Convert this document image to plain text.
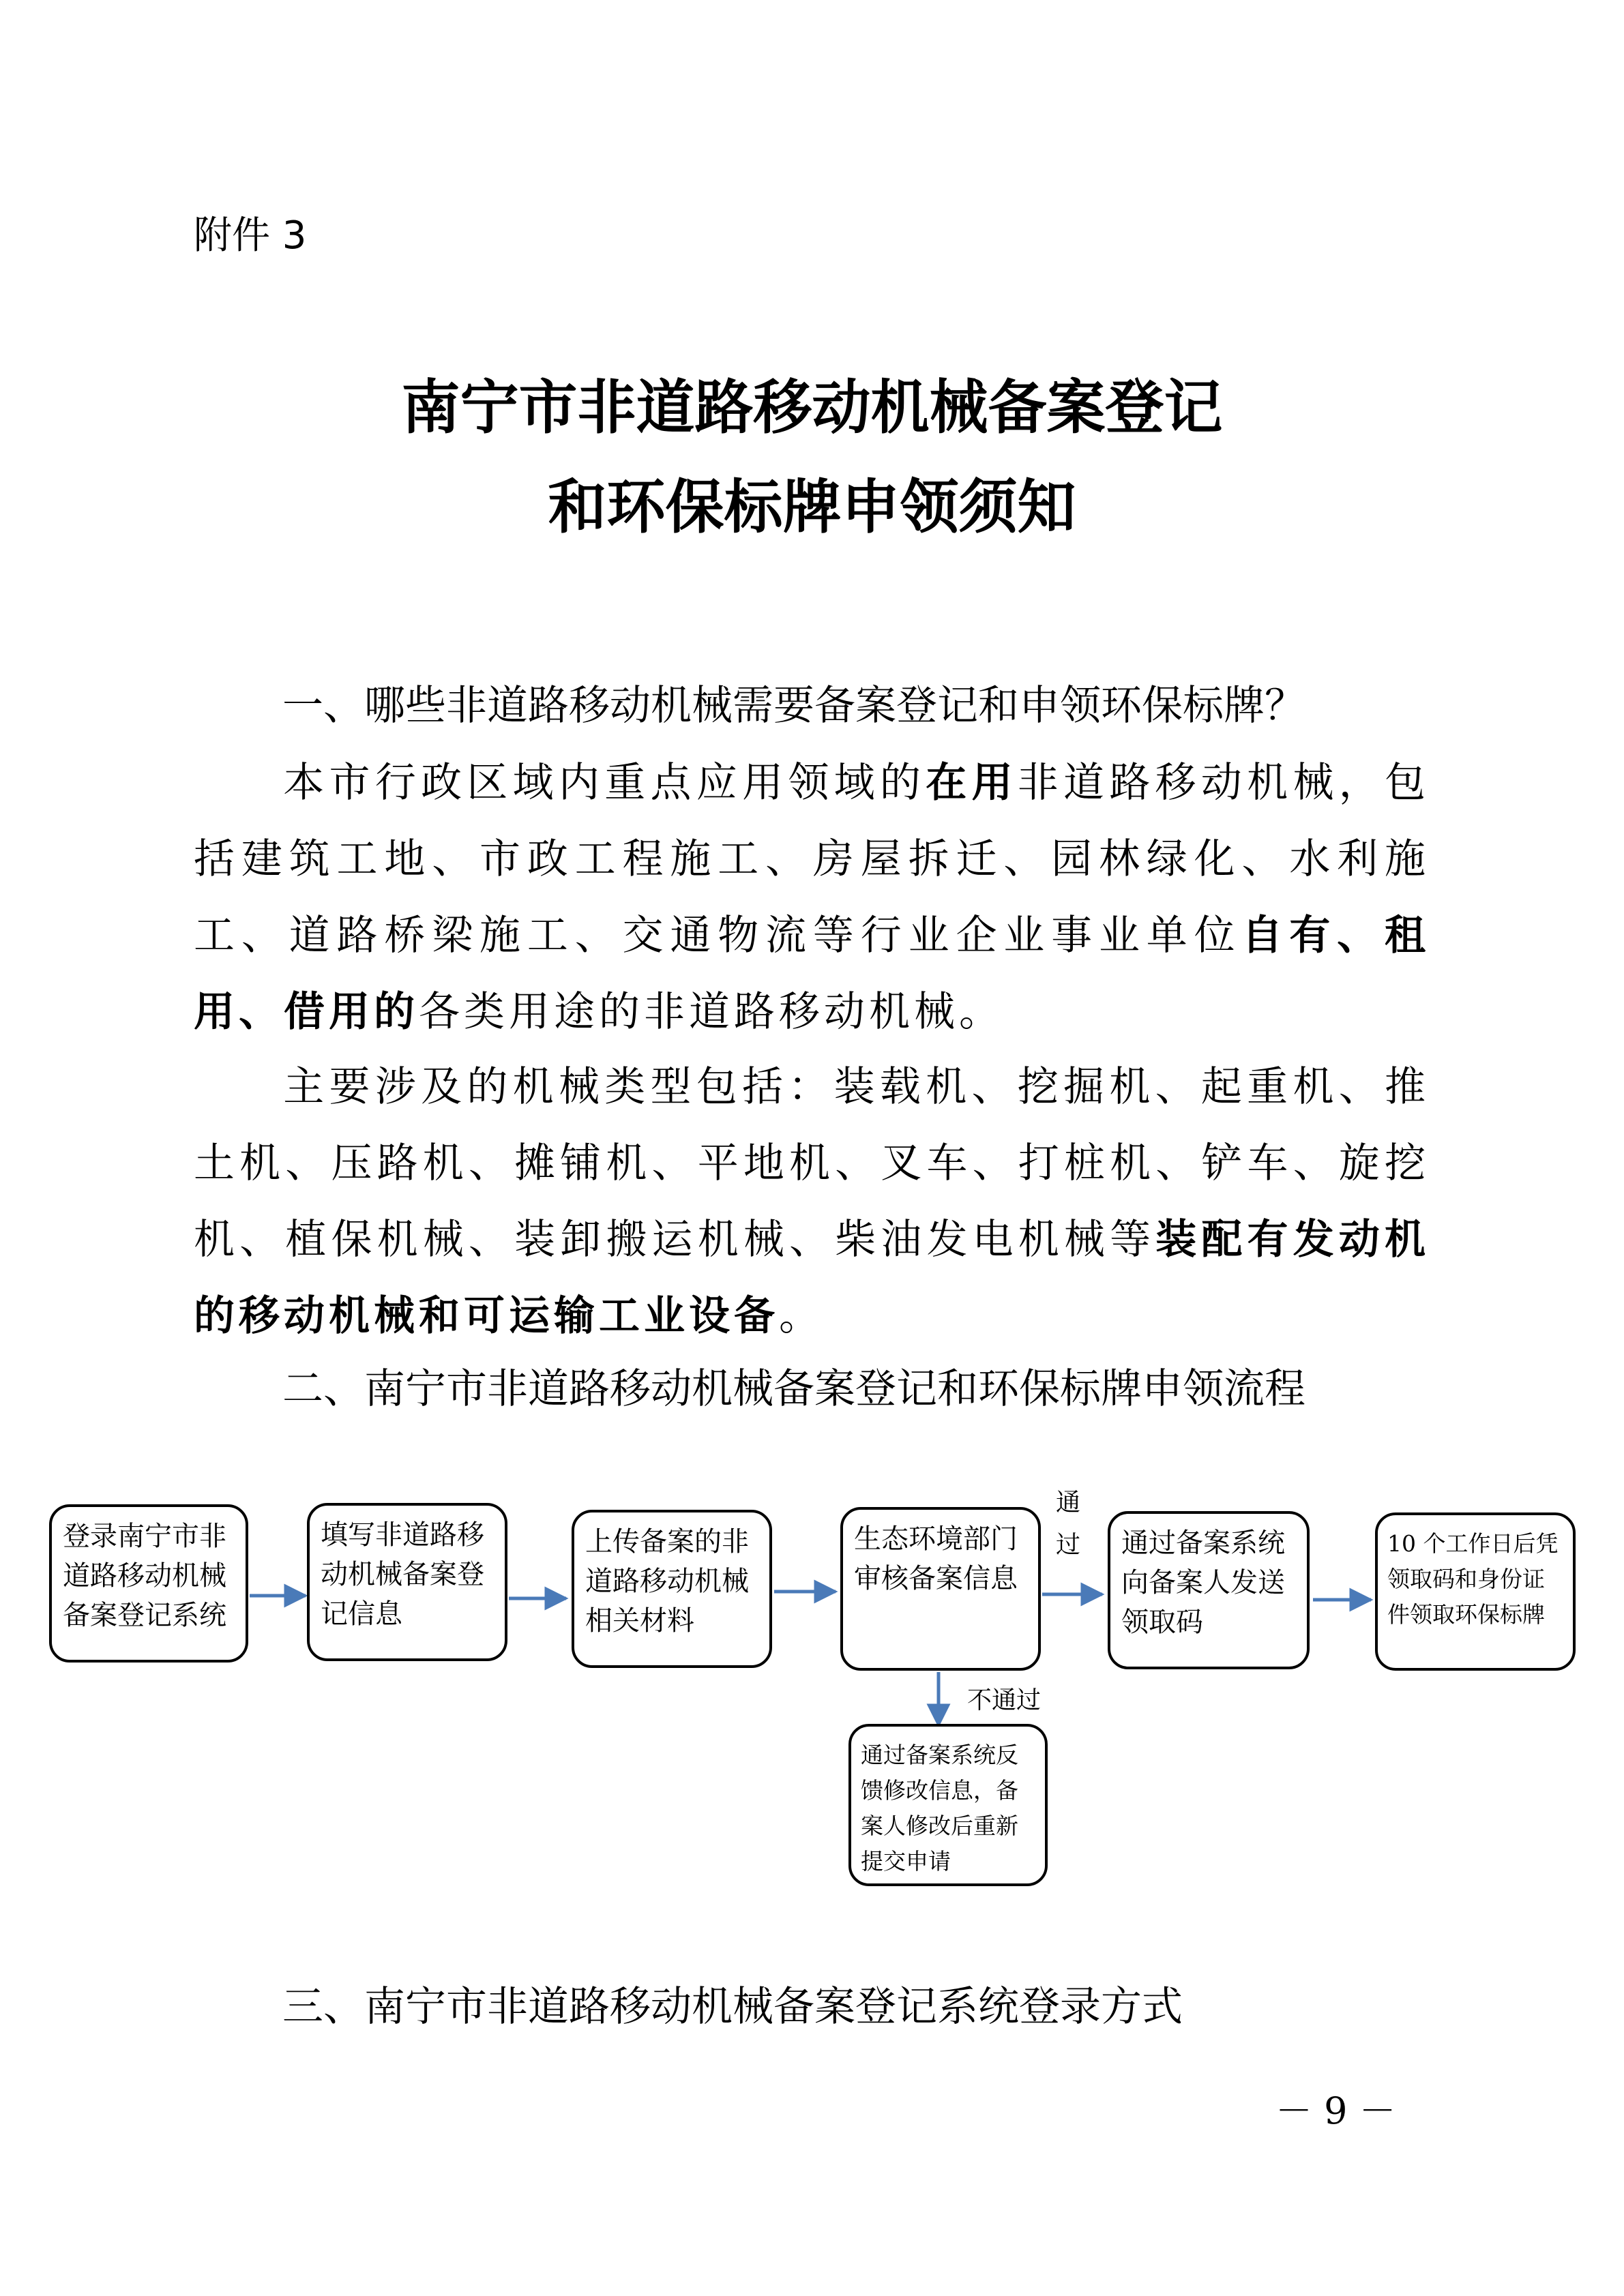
附件 3
南宁市非道路移动机械备案登记
和环保标牌申领须知
一、哪些非道路移动机械需要备案登记和申领环保标牌？
本市行政区域内重点应用领域的在用非道路移动机械，包括建筑工地、市政工程施工、房屋拆迁、园林绿化、水利施工、道路桥梁施工、交通物流等行业企业事业单位自有、租用、借用的各类用途的非道路移动机械。
主要涉及的机械类型包括：装载机、挖掘机、起重机、推土机、压路机、摊铺机、平地机、叉车、打桩机、铲车、旋挖机、植保机械、装卸搬运机械、柴油发电机械等装配有发动机的移动机械和可运输工业设备。
二、南宁市非道路移动机械备案登记和环保标牌申领流程
登录南宁市非道路移动机械备案登记系统
填写非道路移动机械备案登记信息
上传备案的非道路移动机械相关材料
生态环境部门审核备案信息
通过备案系统向备案人发送领取码
10 个工作日后凭领取码和身份证件领取环保标牌
通
过
不通过
通过备案系统反馈修改信息，备案人修改后重新提交申请
三、南宁市非道路移动机械备案登记系统登录方式
－ 9 －
